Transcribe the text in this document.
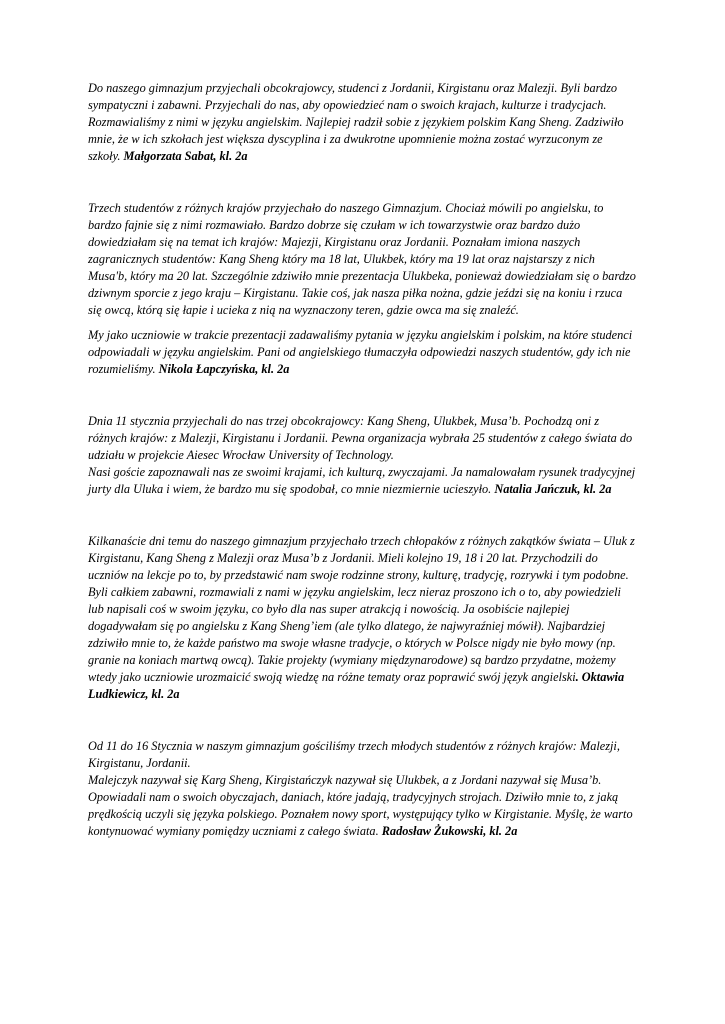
Do naszego gimnazjum przyjechali obcokrajowcy, studenci z Jordanii, Kirgistanu oraz Malezji. Byli bardzo sympatyczni i zabawni. Przyjechali do nas, aby opowiedzieć nam o swoich krajach, kulturze i tradycjach. Rozmawialiśmy z nimi w języku angielskim. Najlepiej radził sobie z językiem polskim Kang Sheng. Zadziwiło mnie, że w ich szkołach jest większa dyscyplina i za dwukrotne upomnienie można zostać wyrzuconym ze szkoły. Małgorzata Sabat, kl. 2a

Trzech studentów z różnych krajów przyjechało do naszego Gimnazjum. Chociaż mówili po angielsku, to bardzo fajnie się z nimi rozmawiało. Bardzo dobrze się czułam w ich towarzystwie oraz bardzo dużo dowiedziałam się na temat ich krajów: Majezji, Kirgistanu oraz Jordanii. Poznałam imiona naszych zagranicznych studentów: Kang Sheng który ma 18 lat, Ulukbek, który ma 19 lat oraz najstarszy z nich Musa'b, który ma 20 lat. Szczególnie zdziwiło mnie prezentacja Ulukbeka, ponieważ dowiedziałam się o bardzo dziwnym sporcie z jego kraju – Kirgistanu. Takie coś, jak nasza piłka nożna, gdzie jeździ się na koniu i rzuca się owcą, którą się łapie i ucieka z nią na wyznaczony teren, gdzie owca ma się znaleźć.

My jako uczniowie w trakcie prezentacji zadawaliśmy pytania w języku angielskim i polskim, na które studenci odpowiadali w języku angielskim. Pani od angielskiego tłumaczyła odpowiedzi naszych studentów, gdy ich nie rozumieliśmy. Nikola Łapczyńska, kl. 2a

Dnia 11 stycznia przyjechali do nas trzej obcokrajowcy: Kang Sheng, Ulukbek, Musa’b. Pochodzą oni z różnych krajów: z Malezji, Kirgistanu i Jordanii. Pewna organizacja wybrała 25 studentów z całego świata do udziału w projekcie Aiesec Wrocław University of Technology.
Nasi goście zapoznawali nas ze swoimi krajami, ich kulturą, zwyczajami. Ja namalowałam rysunek tradycyjnej jurty dla Uluka i wiem, że bardzo mu się spodobał, co mnie niezmiernie ucieszyło. Natalia Jańczuk, kl. 2a

Kilkanaście dni temu do naszego gimnazjum przyjechało trzech chłopaków z różnych zakątków świata – Uluk z Kirgistanu, Kang Sheng z Malezji oraz Musa’b z Jordanii. Mieli kolejno 19, 18 i 20 lat. Przychodzili do uczniów na lekcje po to, by przedstawić nam swoje rodzinne strony, kulturę, tradycję, rozrywki i tym podobne. Byli całkiem zabawni, rozmawiali z nami w języku angielskim, lecz nieraz proszono ich o to, aby powiedzieli lub napisali coś w swoim języku, co było dla nas super atrakcją i nowością. Ja osobiście najlepiej dogadywałam się po angielsku z Kang Sheng’iem (ale tylko dlatego, że najwyraźniej mówił). Najbardziej zdziwiło mnie to, że każde państwo ma swoje własne tradycje, o których w Polsce nigdy nie było mowy (np. granie na koniach martwą owcą). Takie projekty (wymiany międzynarodowe) są bardzo przydatne, możemy wtedy jako uczniowie urozmaicić swoją wiedzę na różne tematy oraz poprawić swój język angielski. Oktawia Ludkiewicz, kl. 2a

Od 11 do 16 Stycznia w naszym gimnazjum gościliśmy trzech młodych studentów z różnych krajów: Malezji, Kirgistanu, Jordanii.
Malejczyk nazywał się Karg Sheng, Kirgistańczyk nazywał się Ulukbek, a z Jordani nazywał się Musa’b. Opowiadali nam o swoich obyczajach, daniach, które jadają, tradycyjnych strojach. Dziwiło mnie to, z jaką prędkością uczyli się języka polskiego. Poznałem nowy sport, występujący tylko w Kirgistanie. Myślę, że warto kontynuować wymiany pomiędzy uczniami z całego świata. Radosław Żukowski, kl. 2a
